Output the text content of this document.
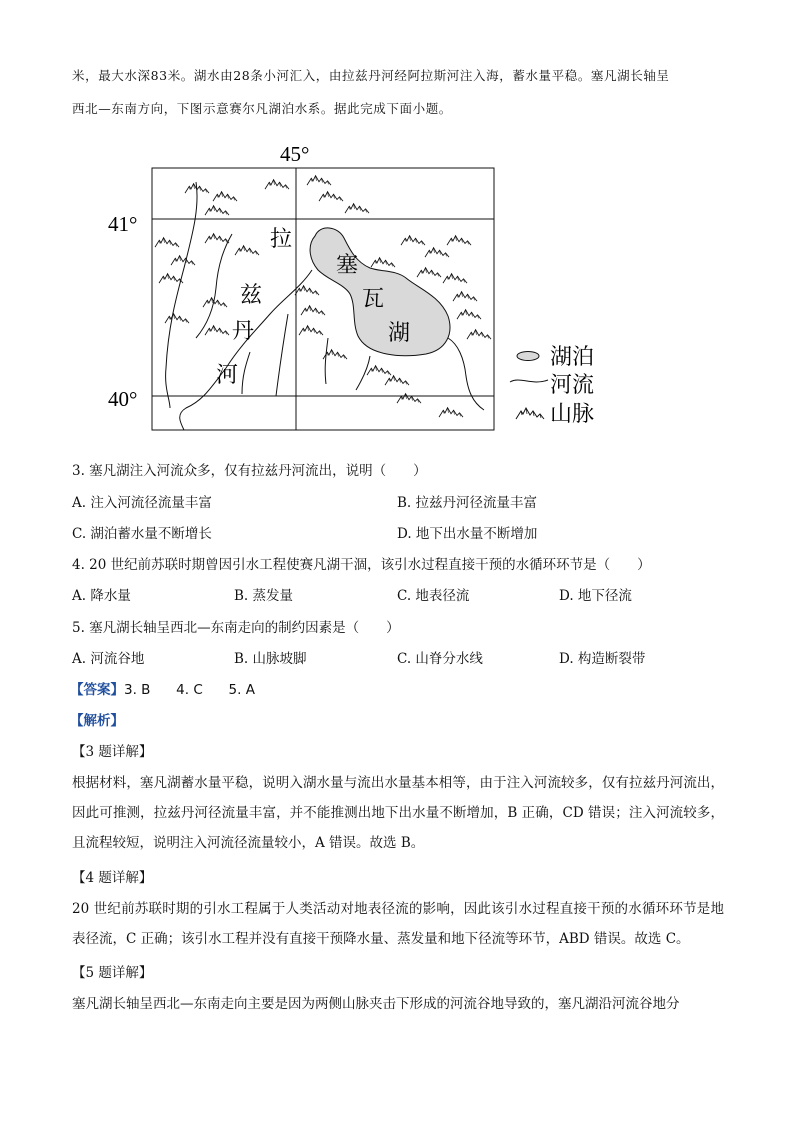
米，最大水深83米。湖水由28条小河汇入，由拉兹丹河经阿拉斯河注入海，蓄水量平稳。塞凡湖长轴呈
西北—东南方向，下图示意赛尔凡湖泊水系。据此完成下面小题。
45°
41°
40°
塞
瓦
湖
拉
兹
丹
河
湖泊
河流
山脉
3. 塞凡湖注入河流众多，仅有拉兹丹河流出，说明（　　）
A. 注入河流径流量丰富	B. 拉兹丹河径流量丰富
C. 湖泊蓄水量不断增长	D. 地下出水量不断增加
4. 20 世纪前苏联时期曾因引水工程使赛凡湖干涸，该引水过程直接干预的水循环环节是（　　）
A. 降水量	B. 蒸发量	C. 地表径流	D. 地下径流
5. 塞凡湖长轴呈西北—东南走向的制约因素是（　　）
A. 河流谷地	B. 山脉坡脚	C. 山脊分水线	D. 构造断裂带
【答案】3. B      4. C      5. A
【解析】
【3 题详解】
根据材料，塞凡湖蓄水量平稳，说明入湖水量与流出水量基本相等，由于注入河流较多，仅有拉兹丹河流出，因此可推测，拉兹丹河径流量丰富，并不能推测出地下出水量不断增加，B 正确，CD 错误；注入河流较多，且流程较短，说明注入河流径流量较小，A 错误。故选 B。
【4 题详解】
20 世纪前苏联时期的引水工程属于人类活动对地表径流的影响，因此该引水过程直接干预的水循环环节是地表径流，C 正确；该引水工程并没有直接干预降水量、蒸发量和地下径流等环节，ABD 错误。故选 C。
【5 题详解】
塞凡湖长轴呈西北—东南走向主要是因为两侧山脉夹击下形成的河流谷地导致的，塞凡湖沿河流谷地分
